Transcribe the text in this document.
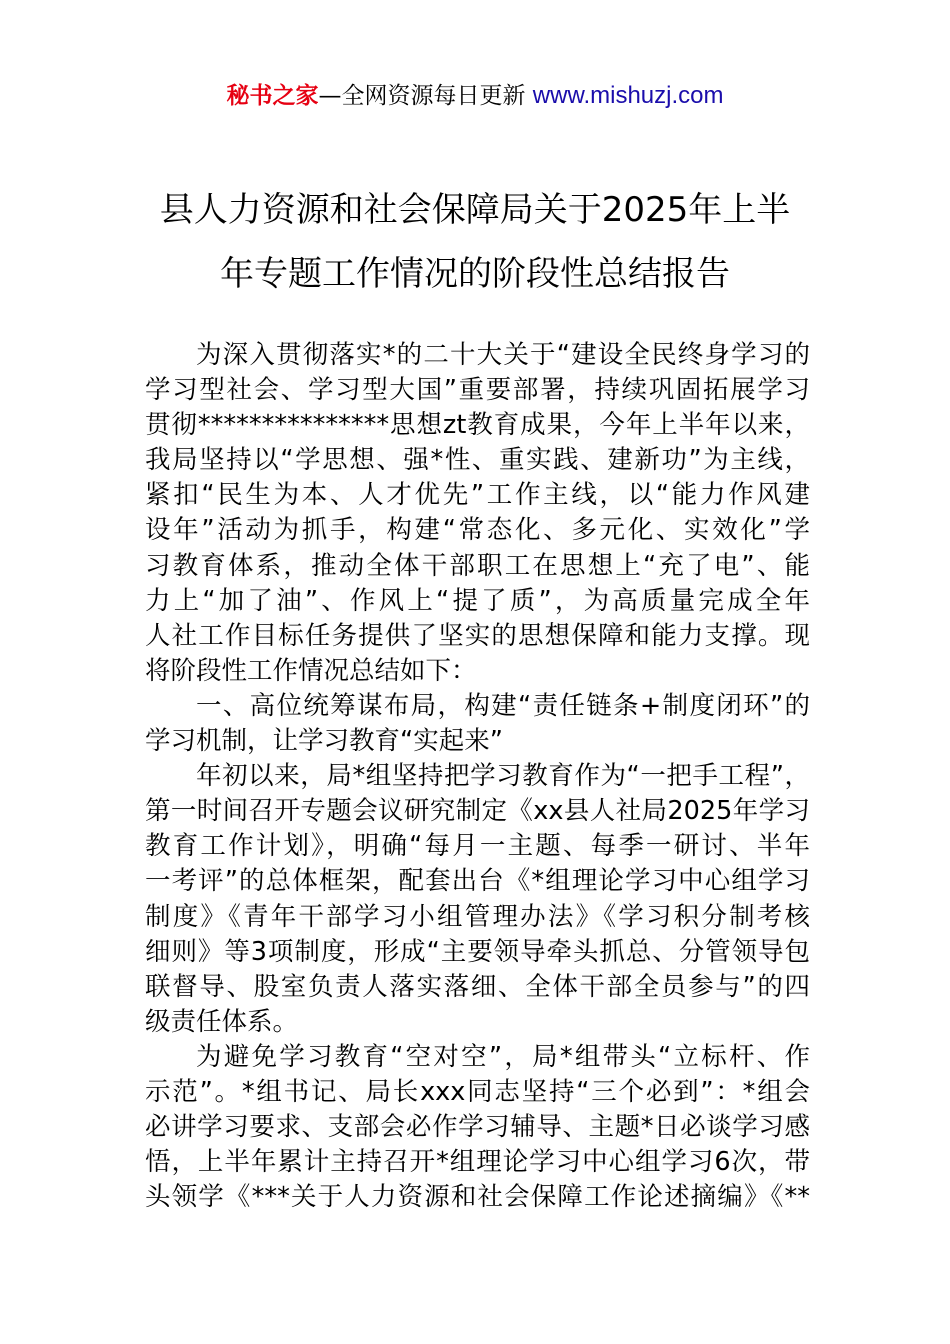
秘书之家—全网资源每日更新 www.mishuzj.com
县人力资源和社会保障局关于2025年上半
年专题工作情况的阶段性总结报告
为深入贯彻落实*的二十大关于“建设全民终身学习的
学习型社会、学习型大国”重要部署，持续巩固拓展学习
贯彻***************思想zt教育成果，今年上半年以来，
我局坚持以“学思想、强*性、重实践、建新功”为主线，
紧扣“民生为本、人才优先”工作主线，以“能力作风建
设年”活动为抓手，构建“常态化、多元化、实效化”学
习教育体系，推动全体干部职工在思想上“充了电”、能
力上“加了油”、作风上“提了质”，为高质量完成全年
人社工作目标任务提供了坚实的思想保障和能力支撑。现
将阶段性工作情况总结如下：
一、高位统筹谋布局，构建“责任链条+制度闭环”的
学习机制，让学习教育“实起来”
年初以来，局*组坚持把学习教育作为“一把手工程”，
第一时间召开专题会议研究制定《xx县人社局2025年学习
教育工作计划》，明确“每月一主题、每季一研讨、半年
一考评”的总体框架，配套出台《*组理论学习中心组学习
制度》《青年干部学习小组管理办法》《学习积分制考核
细则》等3项制度，形成“主要领导牵头抓总、分管领导包
联督导、股室负责人落实落细、全体干部全员参与”的四
级责任体系。
为避免学习教育“空对空”，局*组带头“立标杆、作
示范”。*组书记、局长xxx同志坚持“三个必到”：*组会
必讲学习要求、支部会必作学习辅导、主题*日必谈学习感
悟，上半年累计主持召开*组理论学习中心组学习6次，带
头领学《***关于人力资源和社会保障工作论述摘编》《**
